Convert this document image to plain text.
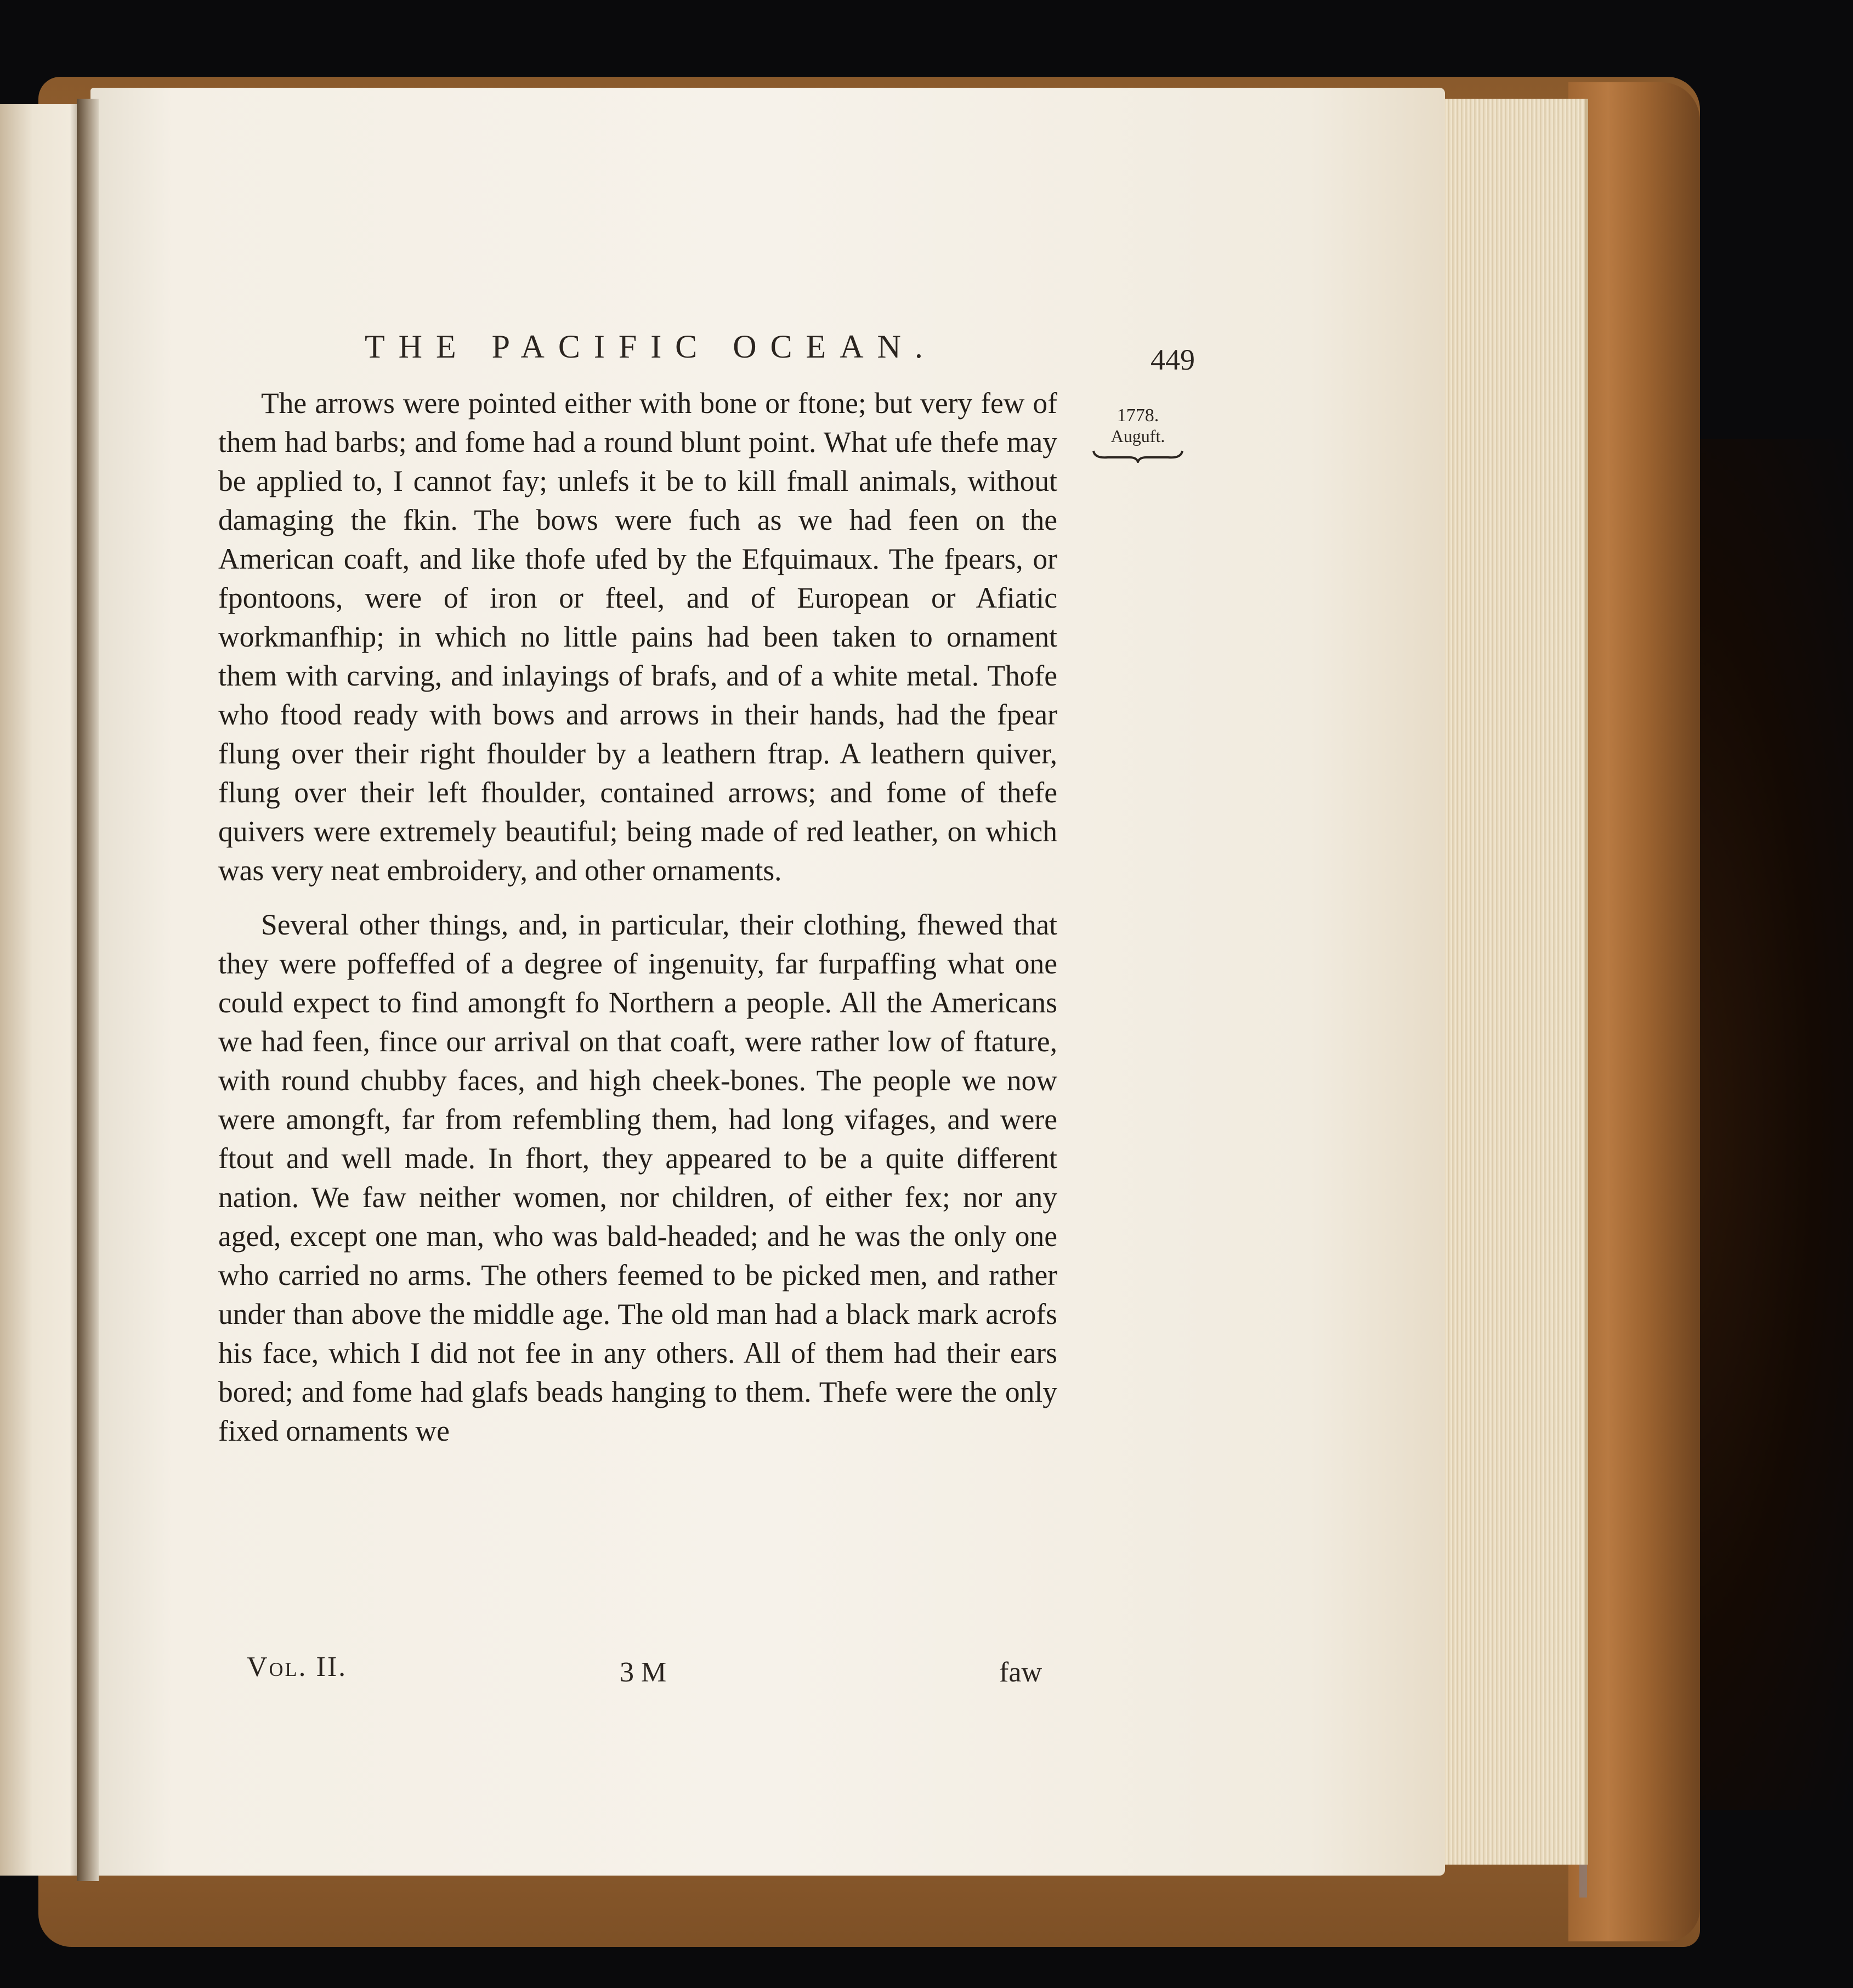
THE PACIFIC OCEAN.	449
1778.
Auguft.

The arrows were pointed either with bone or ftone; but very few of them had barbs; and fome had a round blunt point. What ufe thefe may be applied to, I cannot fay; unlefs it be to kill fmall animals, without damaging the fkin. The bows were fuch as we had feen on the American coaft, and like thofe ufed by the Efquimaux. The fpears, or fpontoons, were of iron or fteel, and of European or Afiatic workmanfhip; in which no little pains had been taken to ornament them with carving, and inlayings of brafs, and of a white metal. Thofe who ftood ready with bows and arrows in their hands, had the fpear flung over their right fhoulder by a leathern ftrap. A leathern quiver, flung over their left fhoulder, contained arrows; and fome of thefe quivers were extremely beautiful; being made of red leather, on which was very neat embroidery, and other ornaments.

Several other things, and, in particular, their clothing, fhewed that they were poffeffed of a degree of ingenuity, far furpaffing what one could expect to find amongft fo Northern a people. All the Americans we had feen, fince our arrival on that coaft, were rather low of ftature, with round chubby faces, and high cheek-bones. The people we now were amongft, far from refembling them, had long vifages, and were ftout and well made. In fhort, they appeared to be a quite different nation. We faw neither women, nor children, of either fex; nor any aged, except one man, who was bald-headed; and he was the only one who carried no arms. The others feemed to be picked men, and rather under than above the middle age. The old man had a black mark acrofs his face, which I did not fee in any others. All of them had their ears bored; and fome had glafs beads hanging to them. Thefe were the only fixed ornaments we

Vol. II.	3 M	faw
